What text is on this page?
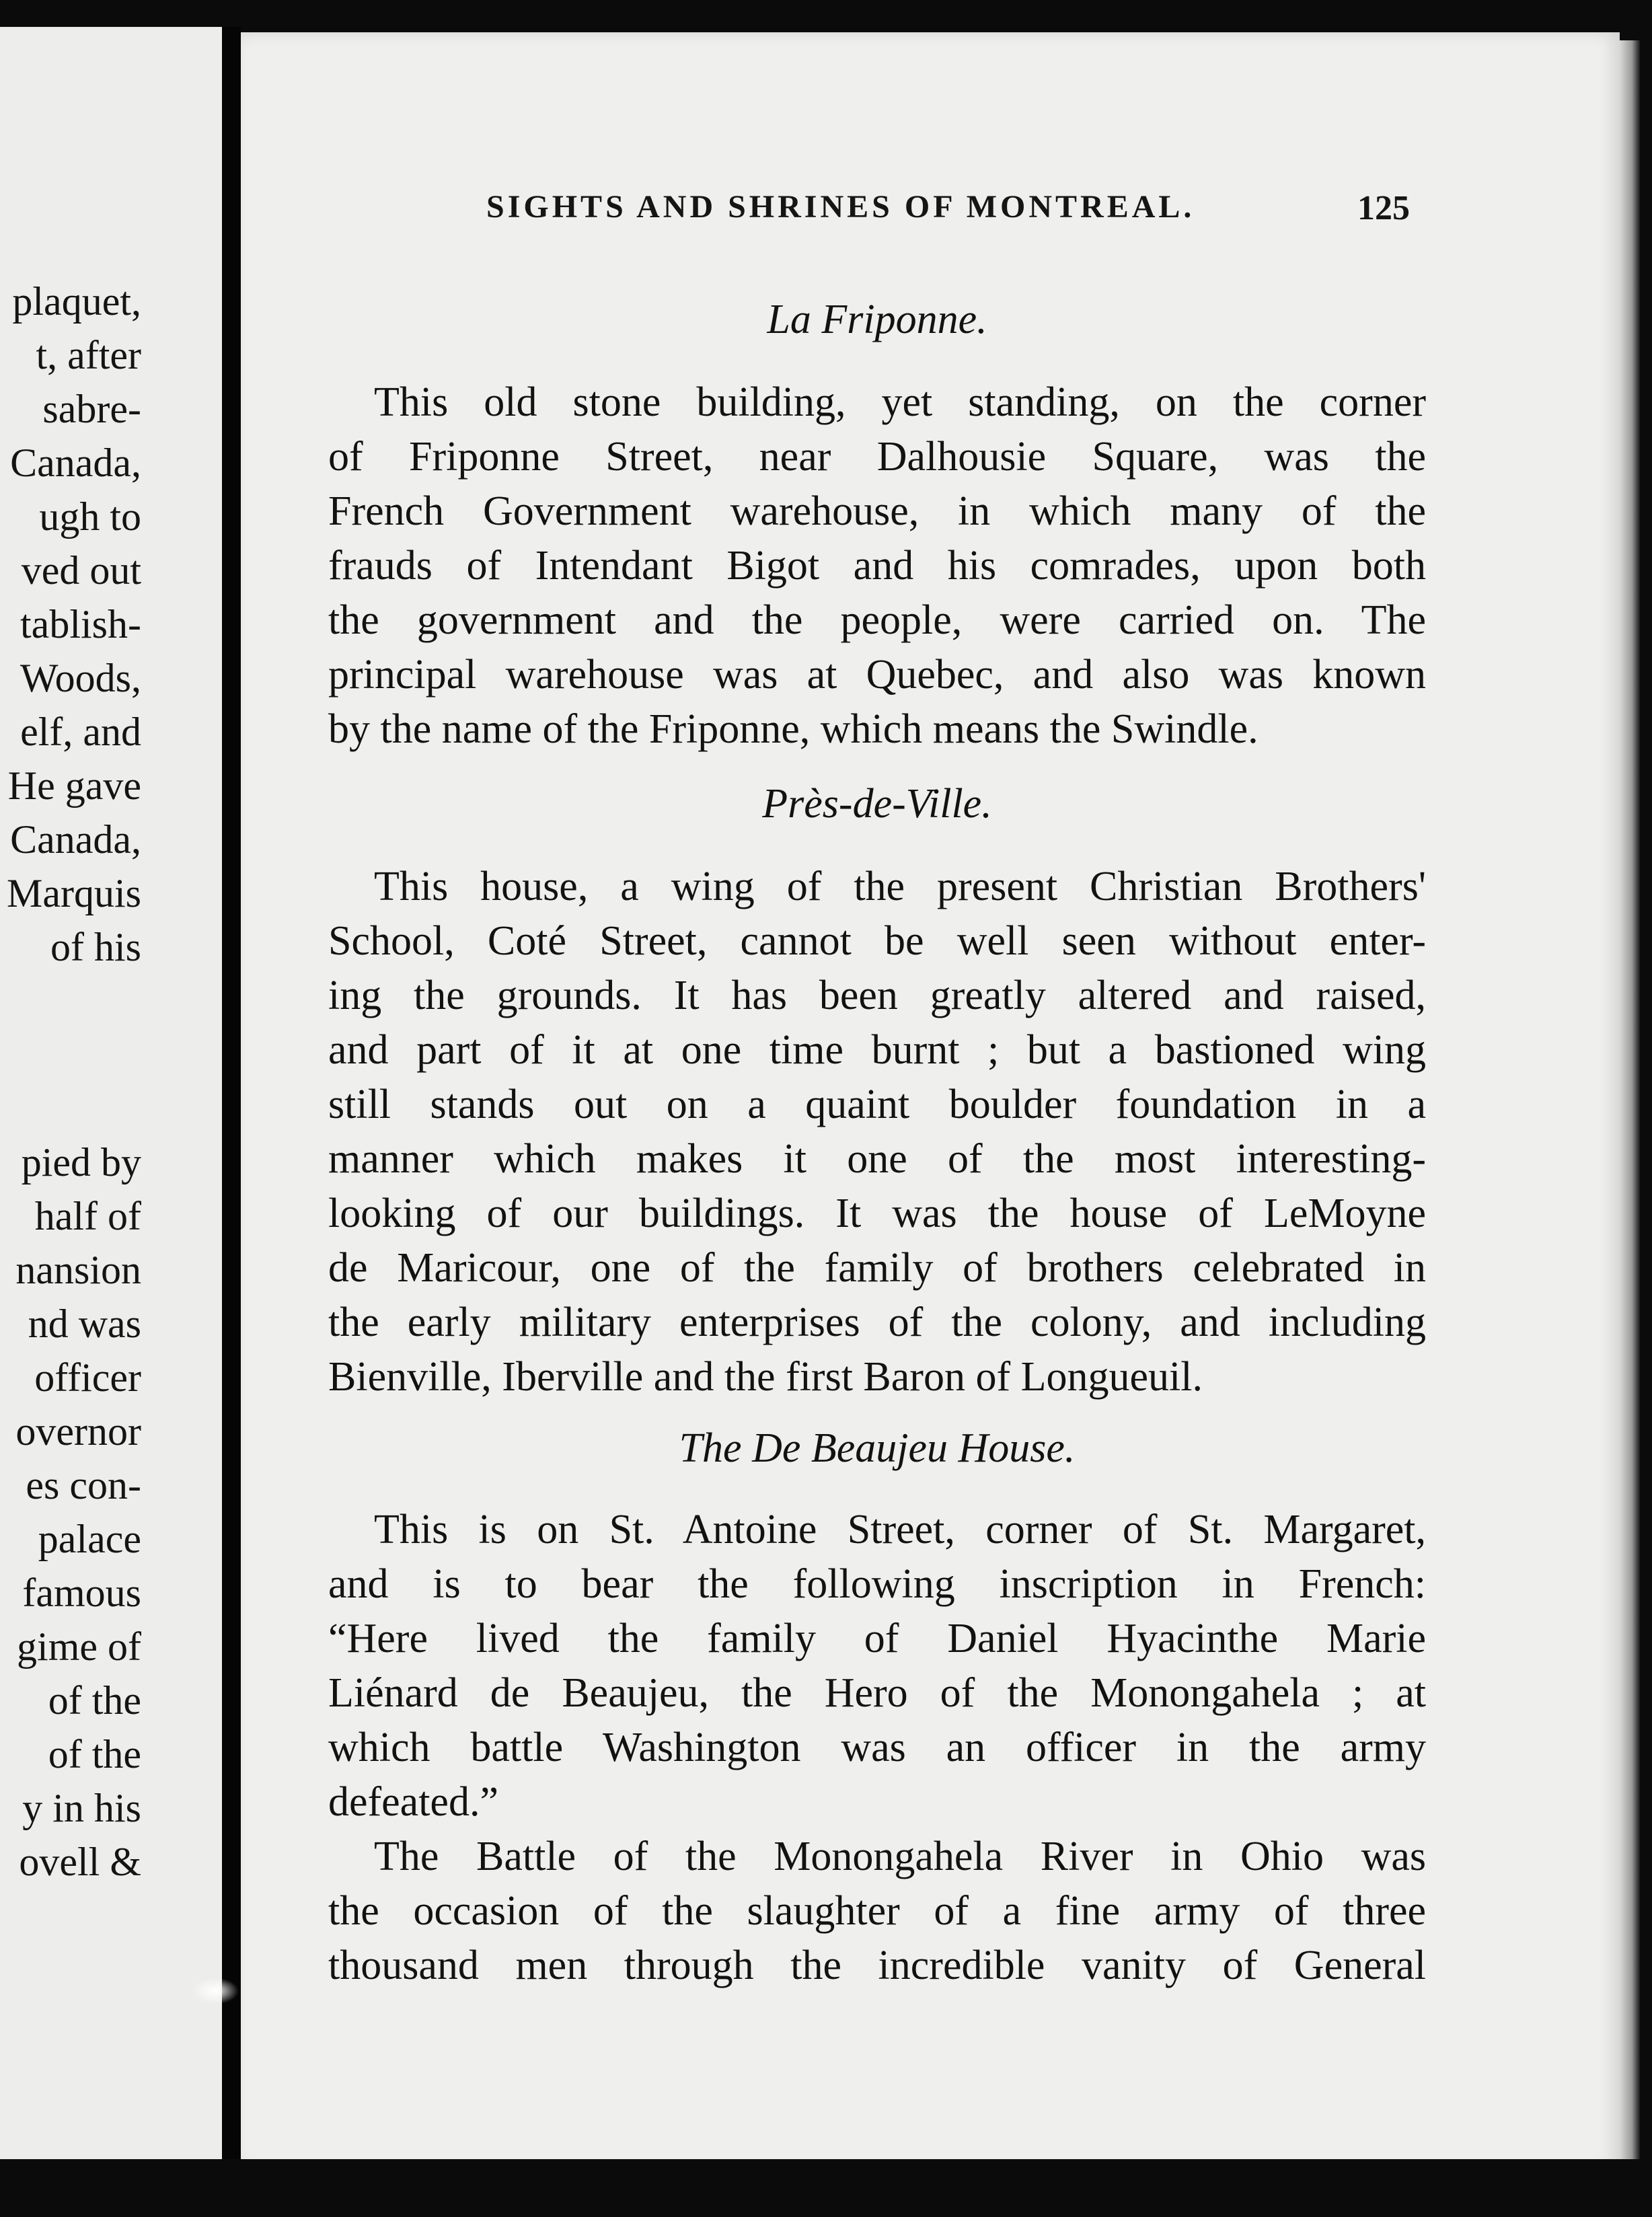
plaquet,
t, after
sabre-
Canada,
ugh to
ved out
tablish-
Woods,
elf, and
He gave
Canada,
Marquis
of his
pied by
half of
nansion
nd was
officer
overnor
es con-
palace
famous
gime of
of the
of the
y in his
ovell &
SIGHTS AND SHRINES OF MONTREAL.	125
La Friponne.
This old stone building, yet standing, on the corner
of Friponne Street, near Dalhousie Square, was the
French Government warehouse, in which many of the
frauds of Intendant Bigot and his comrades, upon both
the government and the people, were carried on. The
principal warehouse was at Quebec, and also was known
by the name of the Friponne, which means the Swindle.
Près-de-Ville.
This house, a wing of the present Christian Brothers'
School, Coté Street, cannot be well seen without enter-
ing the grounds. It has been greatly altered and raised,
and part of it at one time burnt ; but a bastioned wing
still stands out on a quaint boulder foundation in a
manner which makes it one of the most interesting-
looking of our buildings. It was the house of LeMoyne
de Maricour, one of the family of brothers celebrated in
the early military enterprises of the colony, and including
Bienville, Iberville and the first Baron of Longueuil.
The De Beaujeu House.
This is on St. Antoine Street, corner of St. Margaret,
and is to bear the following inscription in French:
“Here lived the family of Daniel Hyacinthe Marie
Liénard de Beaujeu, the Hero of the Monongahela ; at
which battle Washington was an officer in the army
defeated.”
The Battle of the Monongahela River in Ohio was
the occasion of the slaughter of a fine army of three
thousand men through the incredible vanity of General
